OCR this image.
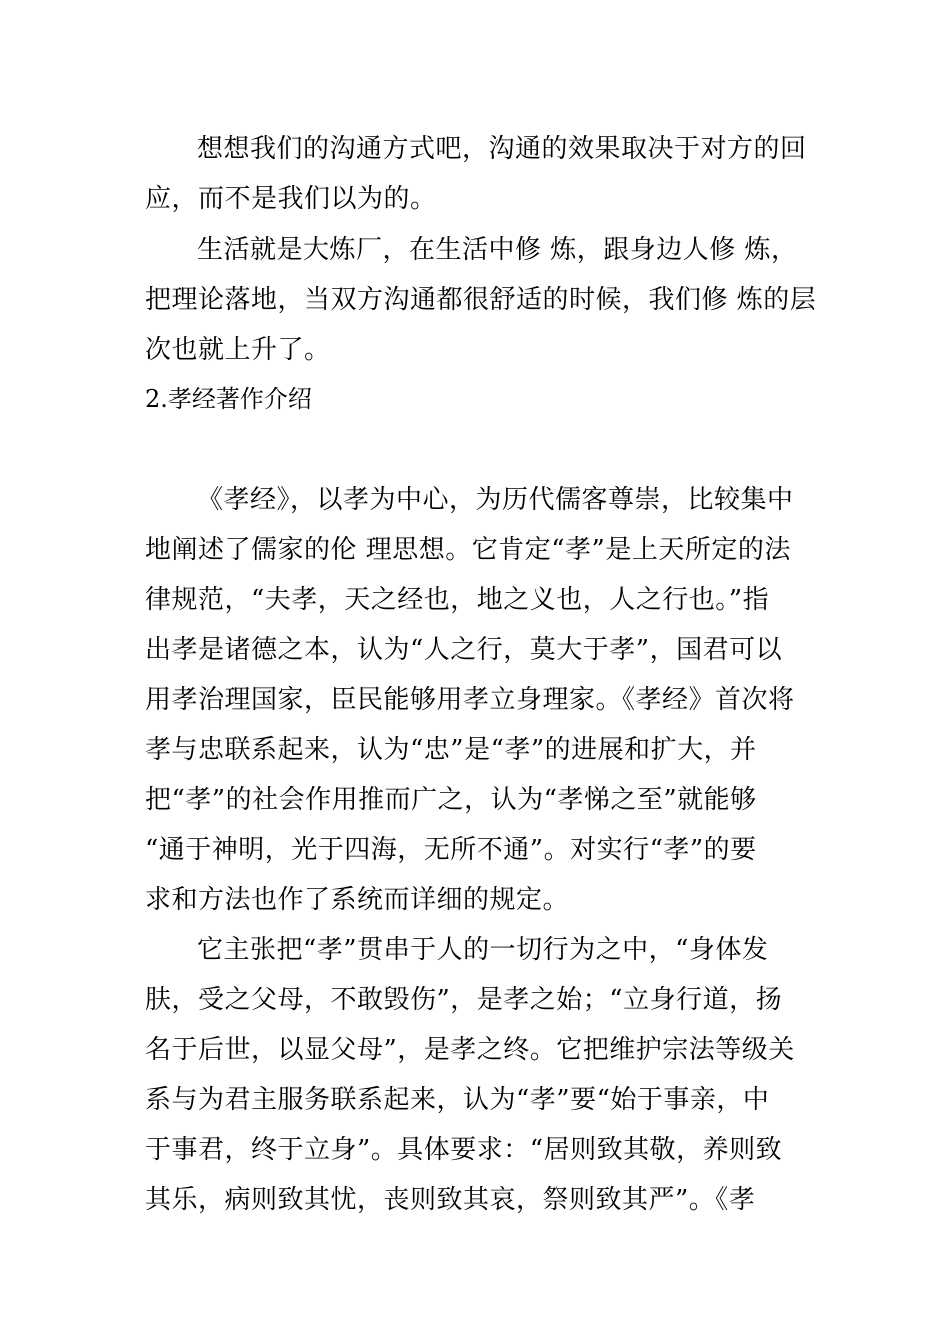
想想我们的沟通方式吧，沟通的效果取决于对方的回
应，而不是我们以为的。
生活就是大炼厂，在生活中修 炼，跟身边人修 炼，
把理论落地，当双方沟通都很舒适的时候，我们修 炼的层
次也就上升了。
2.孝经著作介绍
《孝经》，以孝为中心，为历代儒客尊崇，比较集中
地阐述了儒家的伦 理思想。它肯定“孝”是上天所定的法
律规范，“夫孝，天之经也，地之义也，人之行也。”指
出孝是诸德之本，认为“人之行，莫大于孝”，国君可以
用孝治理国家，臣民能够用孝立身理家。《孝经》首次将
孝与忠联系起来，认为“忠”是“孝”的进展和扩大，并
把“孝”的社会作用推而广之，认为“孝悌之至”就能够
“通于神明，光于四海，无所不通”。对实行“孝”的要
求和方法也作了系统而详细的规定。
它主张把“孝”贯串于人的一切行为之中，“身体发
肤，受之父母，不敢毁伤”，是孝之始；“立身行道，扬
名于后世，以显父母”，是孝之终。它把维护宗法等级关
系与为君主服务联系起来，认为“孝”要“始于事亲，中
于事君，终于立身”。具体要求：“居则致其敬，养则致
其乐，病则致其忧，丧则致其哀，祭则致其严”。《孝
